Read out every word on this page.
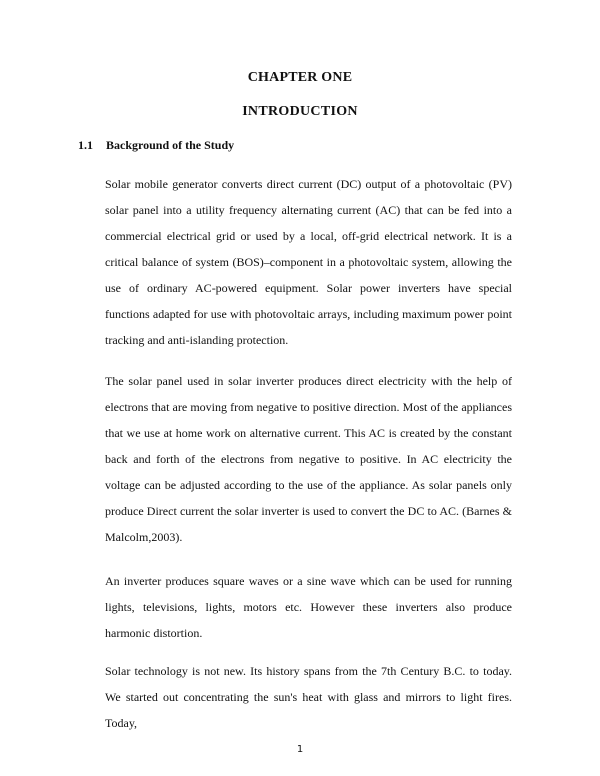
CHAPTER ONE
INTRODUCTION
1.1 Background of the Study

Solar mobile generator converts direct current (DC) output of a photovoltaic (PV) solar panel into a utility frequency alternating current (AC) that can be fed into a commercial electrical grid or used by a local, off-grid electrical network. It is a critical balance of system (BOS)–component in a photovoltaic system, allowing the use of ordinary AC-powered equipment. Solar power inverters have special functions adapted for use with photovoltaic arrays, including maximum power point tracking and anti-islanding protection.

The solar panel used in solar inverter produces direct electricity with the help of electrons that are moving from negative to positive direction. Most of the appliances that we use at home work on alternative current. This AC is created by the constant back and forth of the electrons from negative to positive. In AC electricity the voltage can be adjusted according to the use of the appliance. As solar panels only produce Direct current the solar inverter is used to convert the DC to AC. (Barnes & Malcolm,2003).

An inverter produces square waves or a sine wave which can be used for running lights, televisions, lights, motors etc. However these inverters also produce harmonic distortion.

Solar technology is not new. Its history spans from the 7th Century B.C. to today. We started out concentrating the sun's heat with glass and mirrors to light fires. Today,

1
